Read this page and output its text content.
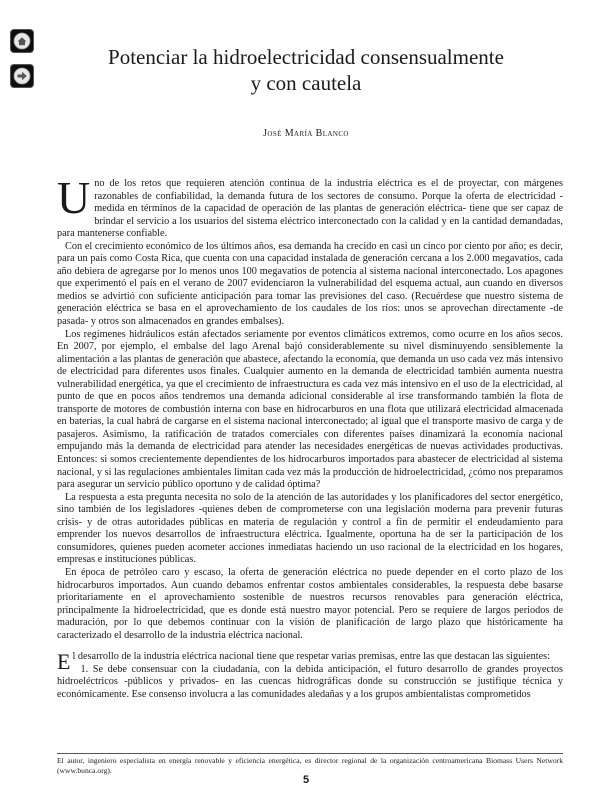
Potenciar la hidroelectricidad consensualmente
y con cautela
José María Blanco

Uno de los retos que requieren atención continua de la industria eléctrica es el de proyectar, con márgenes razonables de confiabilidad, la demanda futura de los sectores de consumo. Porque la oferta de electricidad -medida en términos de la capacidad de operación de las plantas de generación eléctrica- tiene que ser capaz de brindar el servicio a los usuarios del sistema eléctrico interconectado con la calidad y en la cantidad demandadas, para mantenerse confiable.

Con el crecimiento económico de los últimos años, esa demanda ha crecido en casi un cinco por ciento por año; es decir, para un país como Costa Rica, que cuenta con una capacidad instalada de generación cercana a los 2.000 megavatios, cada año debiera de agregarse por lo menos unos 100 megavatios de potencia al sistema nacional interconectado. Los apagones que experimentó el país en el verano de 2007 evidenciaron la vulnerabilidad del esquema actual, aun cuando en diversos medios se advirtió con suficiente anticipación para tomar las previsiones del caso. (Recuérdese que nuestro sistema de generación eléctrica se basa en el aprovechamiento de los caudales de los ríos: unos se aprovechan directamente -de pasada- y otros son almacenados en grandes embalses).

Los regímenes hidráulicos están afectados seriamente por eventos climáticos extremos, como ocurre en los años secos. En 2007, por ejemplo, el embalse del lago Arenal bajó considerablemente su nivel disminuyendo sensiblemente la alimentación a las plantas de generación que abastece, afectando la economía, que demanda un uso cada vez más intensivo de electricidad para diferentes usos finales. Cualquier aumento en la demanda de electricidad también aumenta nuestra vulnerabilidad energética, ya que el crecimiento de infraestructura es cada vez más intensivo en el uso de la electricidad, al punto de que en pocos años tendremos una demanda adicional considerable al irse transformando también la flota de transporte de motores de combustión interna con base en hidrocarburos en una flota que utilizará electricidad almacenada en baterías, la cual habrá de cargarse en el sistema nacional interconectado; al igual que el transporte masivo de carga y de pasajeros. Asimismo, la ratificación de tratados comerciales con diferentes países dinamizará la economía nacional empujando más la demanda de electricidad para atender las necesidades energéticas de nuevas actividades productivas. Entonces: si somos crecientemente dependientes de los hidrocarburos importados para abastecer de electricidad al sistema nacional, y si las regulaciones ambientales limitan cada vez más la producción de hidroelectricidad, ¿cómo nos preparamos para asegurar un servicio público oportuno y de calidad óptima?

La respuesta a esta pregunta necesita no solo de la atención de las autoridades y los planificadores del sector energético, sino también de los legisladores -quienes deben de comprometerse con una legislación moderna para prevenir futuras crisis- y de otras autoridades públicas en materia de regulación y control a fin de permitir el endeudamiento para emprender los nuevos desarrollos de infraestructura eléctrica. Igualmente, oportuna ha de ser la participación de los consumidores, quienes pueden acometer acciones inmediatas haciendo un uso racional de la electricidad en los hogares, empresas e instituciones públicas.

En época de petróleo caro y escaso, la oferta de generación eléctrica no puede depender en el corto plazo de los hidrocarburos importados. Aun cuando debamos enfrentar costos ambientales considerables, la respuesta debe basarse prioritariamente en el aprovechamiento sostenible de nuestros recursos renovables para generación eléctrica, principalmente la hidroelectricidad, que es donde está nuestro mayor potencial. Pero se requiere de largos periodos de maduración, por lo que debemos continuar con la visión de planificación de largo plazo que históricamente ha caracterizado el desarrollo de la industria eléctrica nacional.

El desarrollo de la industria eléctrica nacional tiene que respetar varias premisas, entre las que destacan las siguientes:

1. Se debe consensuar con la ciudadanía, con la debida anticipación, el futuro desarrollo de grandes proyectos hidroeléctricos -públicos y privados- en las cuencas hidrográficas donde su construcción se justifique técnica y económicamente. Ese consenso involucra a las comunidades aledañas y a los grupos ambientalistas comprometidos

El autor, ingeniero especialista en energía renovable y eficiencia energética, es director regional de la organización centroamericana Biomass Users Network (www.bunca.org).
5
